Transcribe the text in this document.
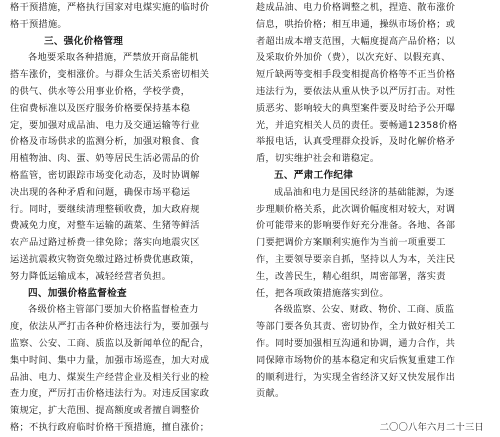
格干预措施，严格执行国家对电煤实施的临时价
格干预措施。
三、强化价格管理
各地要采取各种措施，严禁放开商品能机
搭车涨价，变相涨价。与群众生活关系密切相关
的供气、供水等公用事业价格，学校学费，
住宿费标准以及医疗服务价格要保持基本稳
定，要加强对成品油、电力及交通运输等行业
价格及市场供求的监测分析，加强对粮食、食
用植物油、肉、蛋、奶等居民生活必需品的价
格监管，密切跟踪市场变化动态，及时协调解
决出现的各种矛盾和问题，确保市场平稳运
行。同时，要继续清理整顿收费，加大政府规
费减免力度，对整车运输的蔬菜、生猪等鲜活
农产品过路过桥费一律免除；落实向地震灾区
运送抗震救灾物资免缴过路过桥费优惠政策，
努力降低运输成本，减轻经营者负担。
四、加强价格监督检查
各级价格主管部门要加大价格监督检查力
度，依法从严打击各种价格违法行为，要加强与
监察、公安、工商、质监以及新闻单位的配合，
集中时间、集中力量，加强市场巡查，加大对成
品油、电力、煤炭生产经营企业及相关行业的检
查力度，严厉打击价格违法行为。对违反国家政
策规定，扩大范围、提高额度或者擅自调整价
格；不执行政府临时价格干预措施，擅自涨价；
趁成品油、电力价格调整之机，捏造、散布涨价
信息，哄抬价格；相互串通，操纵市场价格；或
者超出成本增支范围，大幅度提高产品价格；以
及采取价外加价（费），以次充好、以假充真、
短斤缺两等变相手段变相提高价格等不正当价格
违法行为，要依法从重从快予以严厉打击。对性
质恶劣、影响较大的典型案件要及时给予公开曝
光，并追究相关人员的责任。要畅通12358价格
举报电话，认真受理群众投诉，及时化解价格矛
盾，切实维护社会和谐稳定。
五、严肃工作纪律
成品油和电力是国民经济的基础能源，为逐
步理顺价格关系，此次调价幅度相对较大，对调
价可能带来的影响要作好充分准备。各地、各部
门要把调价方案顺利实施作为当前一项重要工
作，主要领导要亲自抓，坚持以人为本，关注民
生，改善民生，精心组织，周密部署，落实责
任，把各项政策措施落实到位。
各级监察、公安、财政、物价、工商、质监
等部门要各负其责、密切协作，全力做好相关工
作。同时要加强相互沟通和协调，通力合作，共
同保障市场物价的基本稳定和灾后恢复重建工作
的顺利进行，为实现全省经济又好又快发展作出
贡献。
二〇〇八年六月二十三日
